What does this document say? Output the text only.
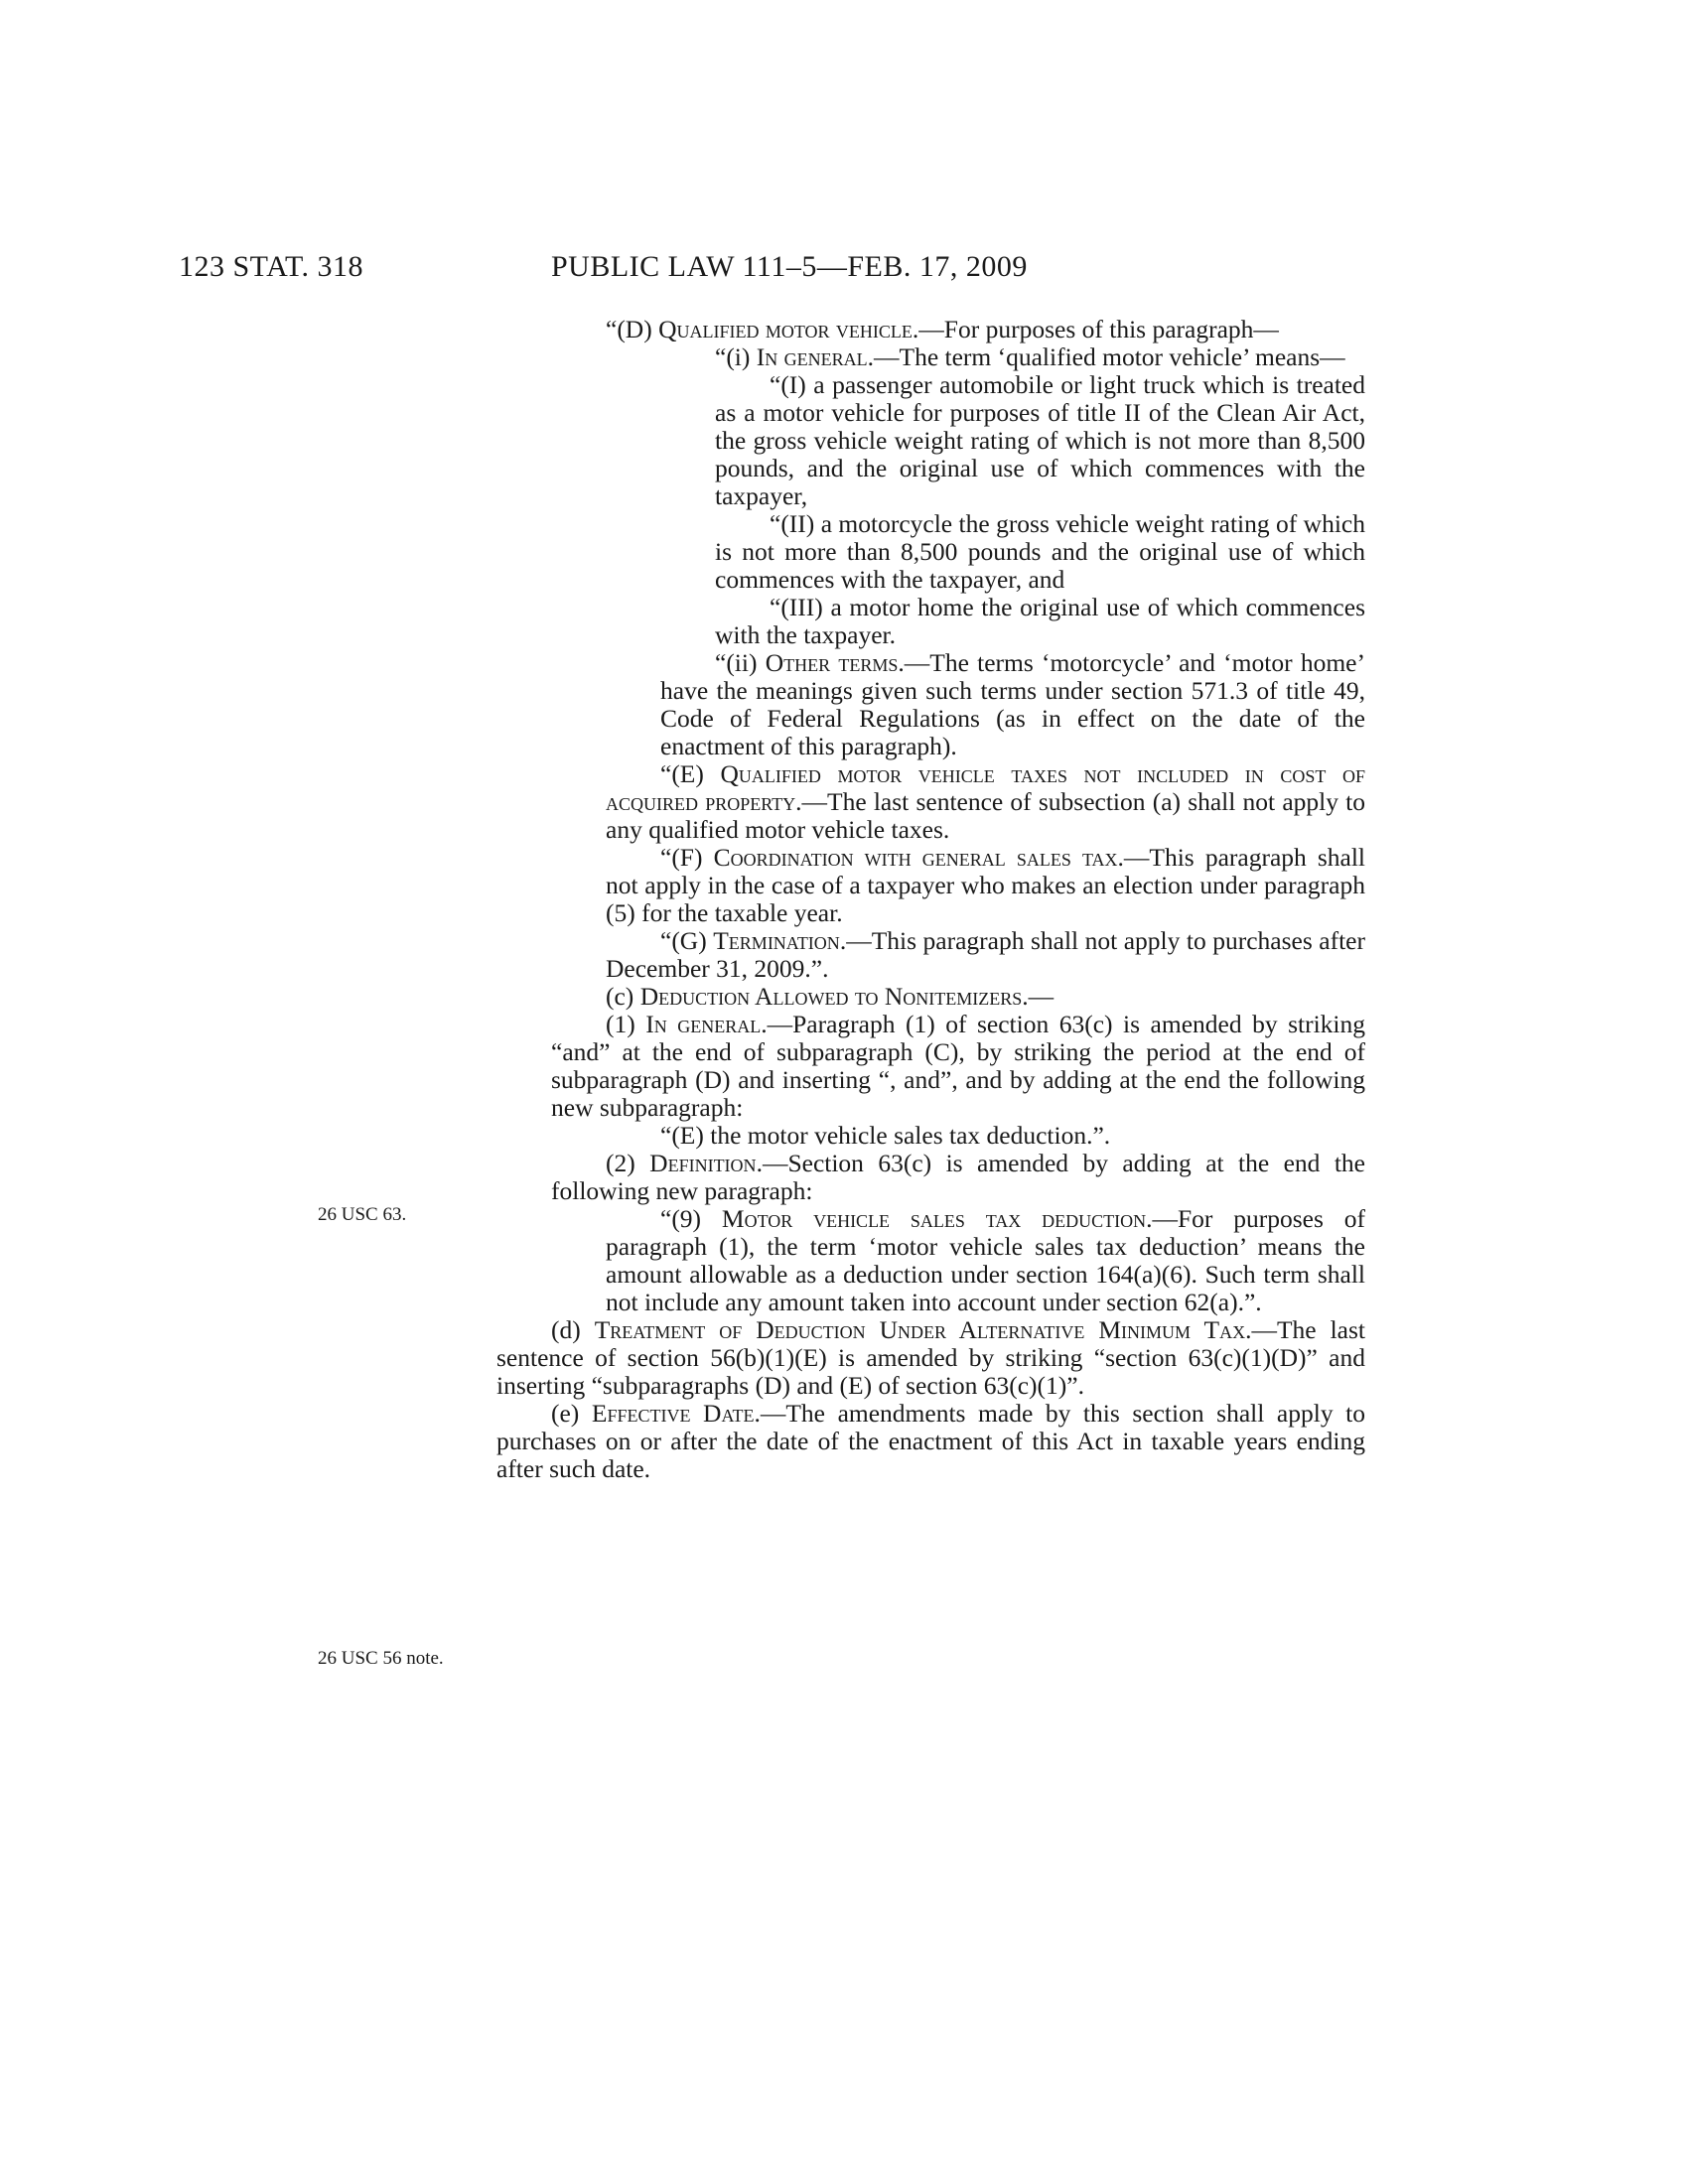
123 STAT. 318	PUBLIC LAW 111–5—FEB. 17, 2009
26 USC 63.
26 USC 56 note.
“(D) Qualified motor vehicle.—For purposes of this paragraph—
“(i) In general.—The term ‘qualified motor vehicle’ means—
“(I) a passenger automobile or light truck which is treated as a motor vehicle for purposes of title II of the Clean Air Act, the gross vehicle weight rating of which is not more than 8,500 pounds, and the original use of which commences with the taxpayer,
“(II) a motorcycle the gross vehicle weight rating of which is not more than 8,500 pounds and the original use of which commences with the taxpayer, and
“(III) a motor home the original use of which commences with the taxpayer.
“(ii) Other terms.—The terms ‘motorcycle’ and ‘motor home’ have the meanings given such terms under section 571.3 of title 49, Code of Federal Regulations (as in effect on the date of the enactment of this paragraph).
“(E) Qualified motor vehicle taxes not included in cost of acquired property.—The last sentence of subsection (a) shall not apply to any qualified motor vehicle taxes.
“(F) Coordination with general sales tax.—This paragraph shall not apply in the case of a taxpayer who makes an election under paragraph (5) for the taxable year.
“(G) Termination.—This paragraph shall not apply to purchases after December 31, 2009.”.
(c) Deduction Allowed to Nonitemizers.—
(1) In general.—Paragraph (1) of section 63(c) is amended by striking “and” at the end of subparagraph (C), by striking the period at the end of subparagraph (D) and inserting “, and”, and by adding at the end the following new subparagraph:
“(E) the motor vehicle sales tax deduction.”.
(2) Definition.—Section 63(c) is amended by adding at the end the following new paragraph:
“(9) Motor vehicle sales tax deduction.—For purposes of paragraph (1), the term ‘motor vehicle sales tax deduction’ means the amount allowable as a deduction under section 164(a)(6). Such term shall not include any amount taken into account under section 62(a).”.
(d) Treatment of Deduction Under Alternative Minimum Tax.—The last sentence of section 56(b)(1)(E) is amended by striking “section 63(c)(1)(D)” and inserting “subparagraphs (D) and (E) of section 63(c)(1)”.
(e) Effective Date.—The amendments made by this section shall apply to purchases on or after the date of the enactment of this Act in taxable years ending after such date.
